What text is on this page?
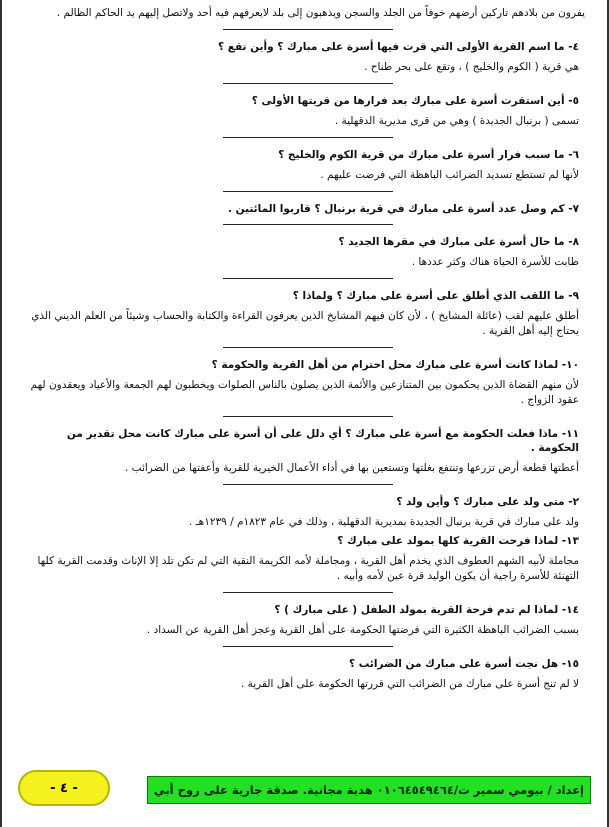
يفرون من بلادهم تاركين أرضهم خوفاً من الجلد والسجن ويذهبون إلى بلد لايعرفهم فيه أحد ولاتصل إليهم يد الحاكم الظالم .

٤- ما اسم القرية الأولى التي قرت فيها أسرة على مبارك ؟ وأين تقع ؟

هي قرية ( الكوم والخليج ) ، وتقع على بحر طناح .

٥- أين استقرت أسرة على مبارك بعد فرارها من قريتها الأولى ؟

تسمى ( برنبال الجديدة ) وهي من قرى مديرية الدقهلية .

٦- ما سبب فرار أسرة على مبارك من قرية الكوم والخليج ؟

لأنها لم تستطع تسديد الضرائب الباهظة التي فرضت عليهم .

٧- كم وصل عدد أسرة على مبارك في قرية برنبال ؟ قاربوا المائتين .

٨- ما حال أسرة على مبارك في مقرها الجديد ؟

طابت للأسرة الحياة هناك وكثر عددها .

٩- ما اللقب الذي أطلق على أسرة على مبارك ؟ ولماذا ؟

أطلق عليهم لقب (عائلة المشايخ ) ، لأن كان فيهم المشايخ الذين يعرفون القراءة والكتابة والحساب وشيئاً من العلم الديني الذي يحتاج إليه أهل القرية .

١٠- لماذا كانت أسرة على مبارك محل احترام من أهل القرية والحكومة ؟

لأن منهم القضاة الذين يحكمون بين المتنازعين والأئمة الذين يصلون بالناس الصلوات ويخطبون لهم الجمعة والأعياد ويعقدون لهم عقود الزواج .

١١- ماذا فعلت الحكومة مع أسرة على مبارك ؟ أي دلل على أن أسرة على مبارك كانت محل تقدير من الحكومة .

أعطتها قطعة أرض تزرعها وتنتفع بغلتها وتستعين بها في أداء الأعمال الخيرية للقرية وأعفتها من الضرائب .

٢- متى ولد على مبارك ؟ وأين ولد ؟

ولد على مبارك في قرية برنبال الجديدة بمديرية الدقهلية ، وذلك في عام ١٨٢٣م / ١٢٣٩هـ .

١٣- لماذا فرحت القرية كلها بمولد على مبارك ؟

مجاملة لأبيه الشهم العطوف الذي يخدم أهل القرية ، ومجاملة لأمه الكريمة النقية التي لم تكن تلد إلا الإناث وقدمت القرية كلها التهنئة للأسرة راجية أن يكون الوليد قرة عين لأمه وأبيه .

١٤- لماذا لم تدم فرحة القرية بمولد الطفل ( على مبارك ) ؟

بسبب الضرائب الباهظة الكثيرة التي فرضتها الحكومة على أهل القرية وعجز أهل القرية عن السداد .

١٥- هل نجت أسرة على مبارك من الضرائب ؟

لا لم تنج أسرة على مبارك من الضرائب التي قررتها الحكومة على أهل القرية .

إعداد / بيومي سمير ت/٠١٠٦٤٥٤٩٤٦٤ هدية مجانية. صدقة جارية على روح أبي
- ٤ -
